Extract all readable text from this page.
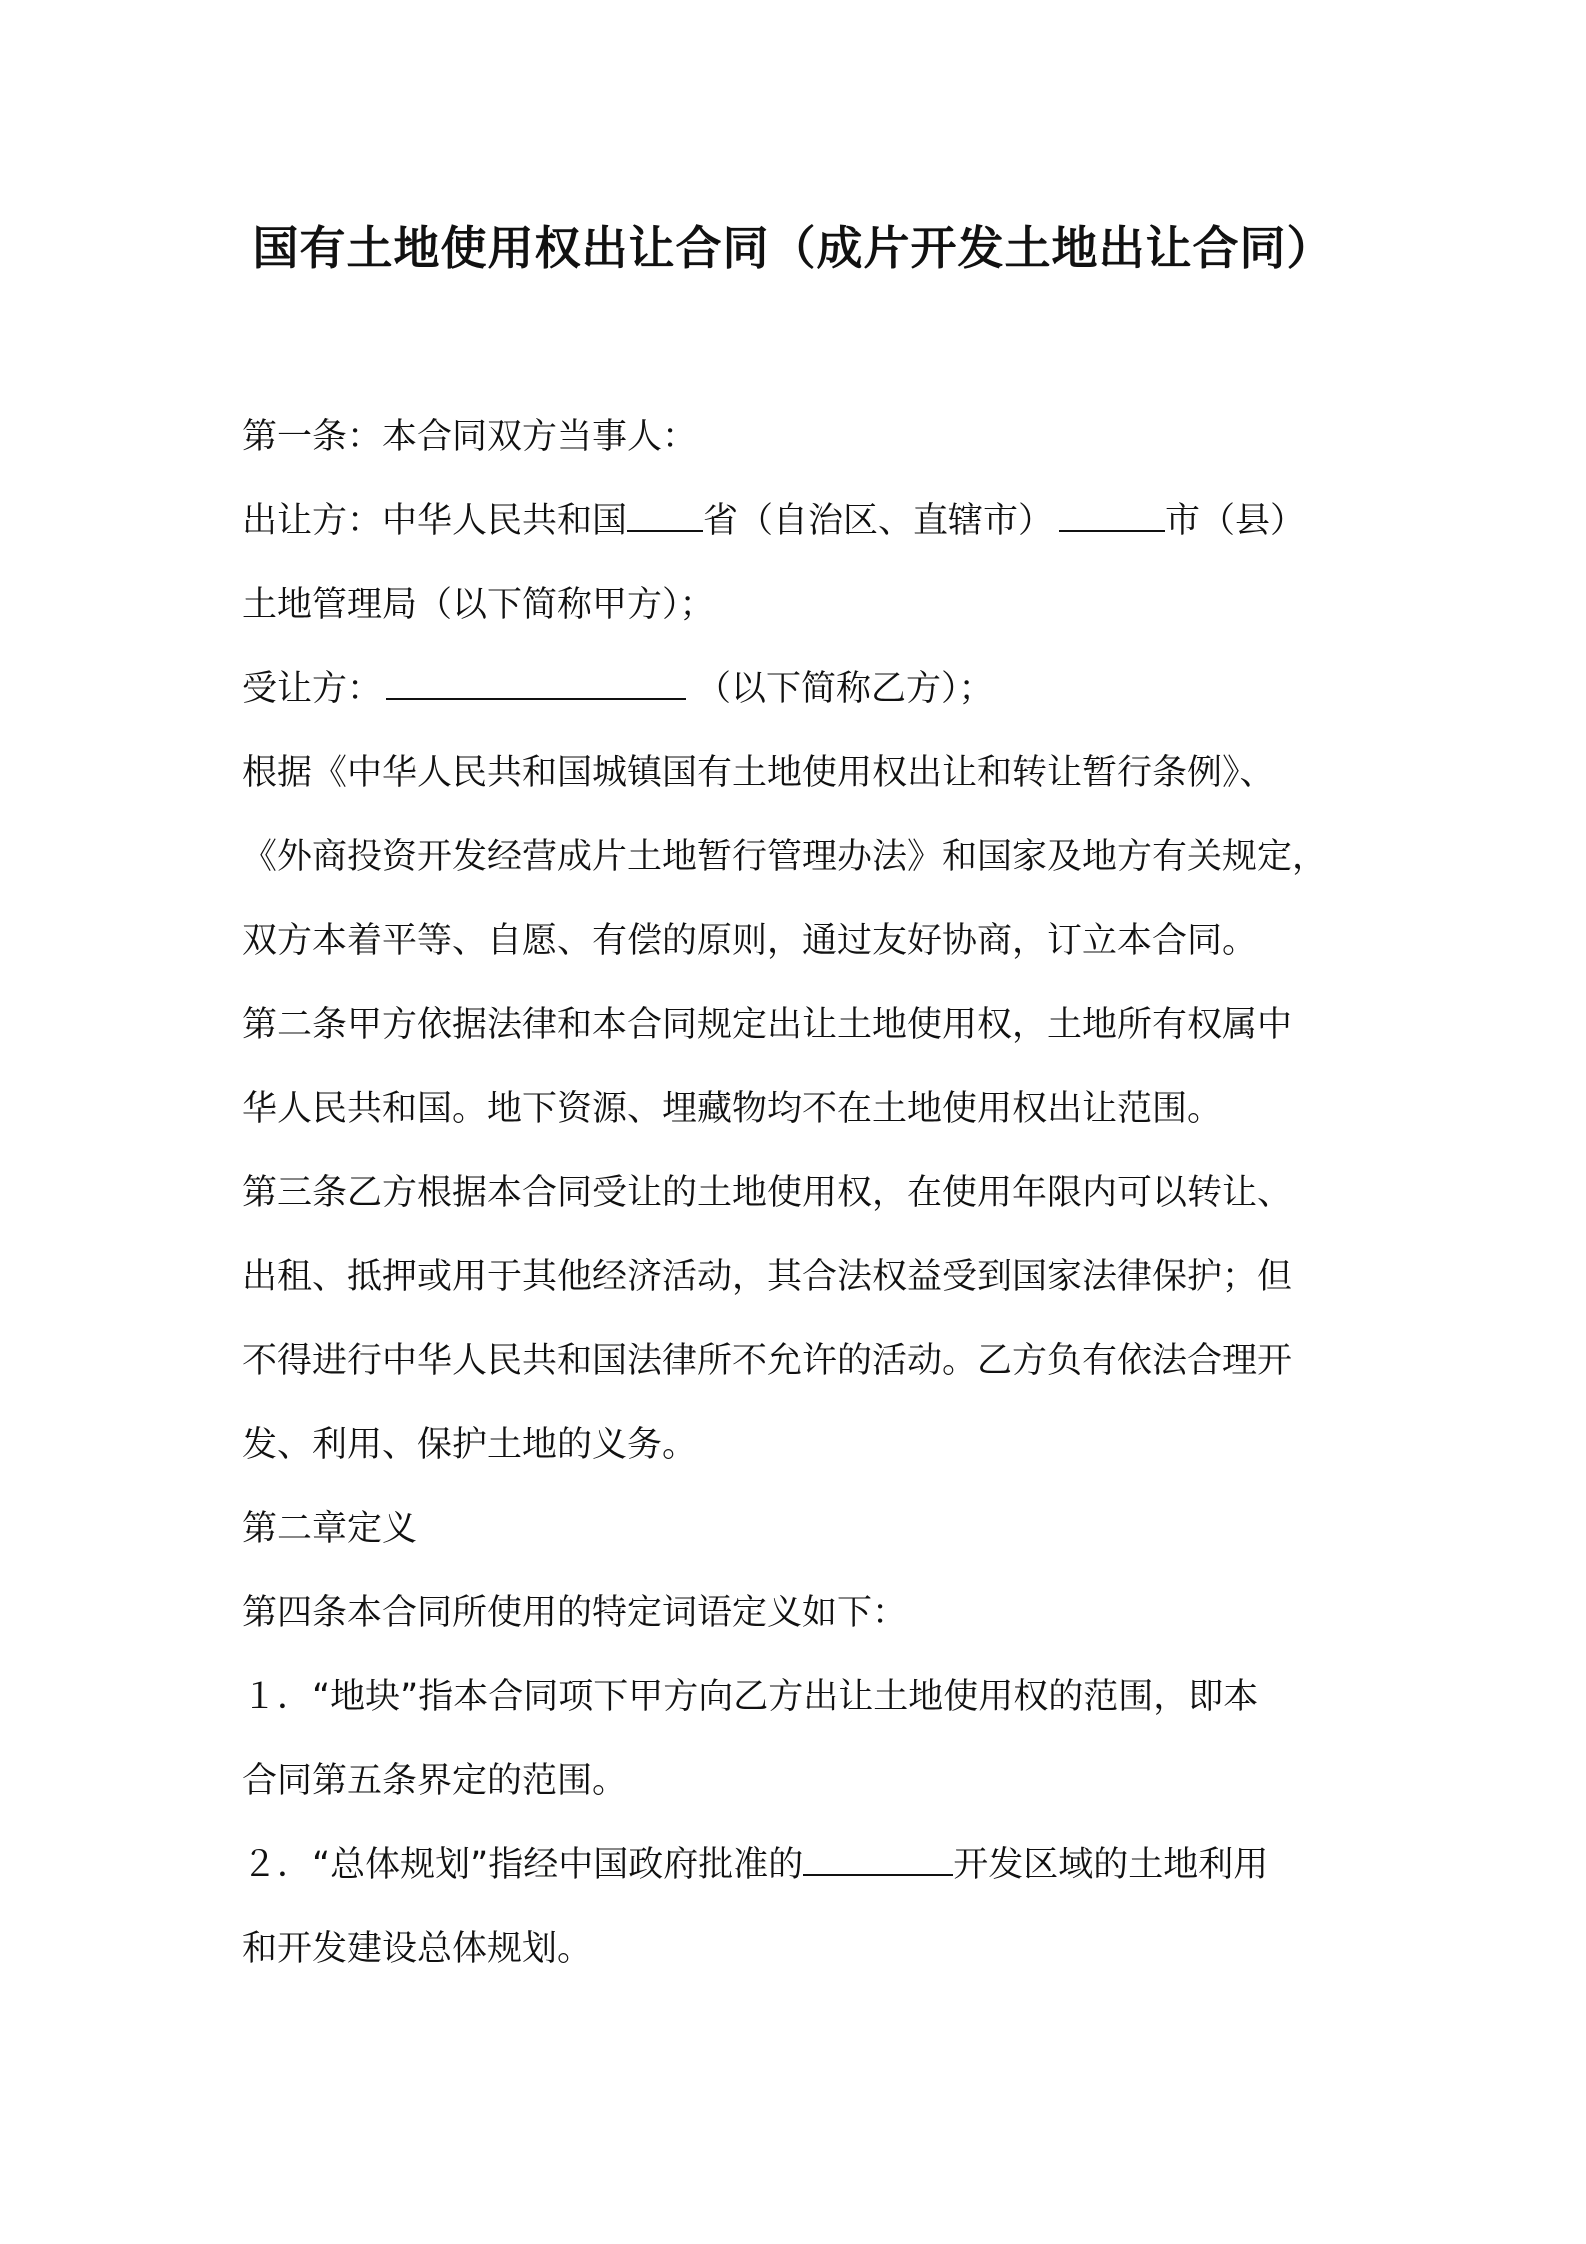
国有土地使用权出让合同（成片开发土地出让合同）
第一条：本合同双方当事人：
出让方：中华人民共和国 省（自治区、直辖市）	市（县）
土地管理局（以下简称甲方）；
受让方：	（以下简称乙方）；
根据《中华人民共和国城镇国有土地使用权出让和转让暂行条例》、
《外商投资开发经营成片土地暂行管理办法》和国家及地方有关规定，
双方本着平等、自愿、有偿的原则，通过友好协商，订立本合同。
第二条甲方依据法律和本合同规定出让土地使用权，土地所有权属中
华人民共和国。地下资源、埋藏物均不在土地使用权出让范围。
第三条乙方根据本合同受让的土地使用权，在使用年限内可以转让、
出租、抵押或用于其他经济活动，其合法权益受到国家法律保护；但
不得进行中华人民共和国法律所不允许的活动。乙方负有依法合理开
发、利用、保护土地的义务。
第二章定义
第四条本合同所使用的特定词语定义如下：
１．“地块”指本合同项下甲方向乙方出让土地使用权的范围，即本
合同第五条界定的范围。
２．“总体规划”指经中国政府批准的	开发区域的土地利用
和开发建设总体规划。
